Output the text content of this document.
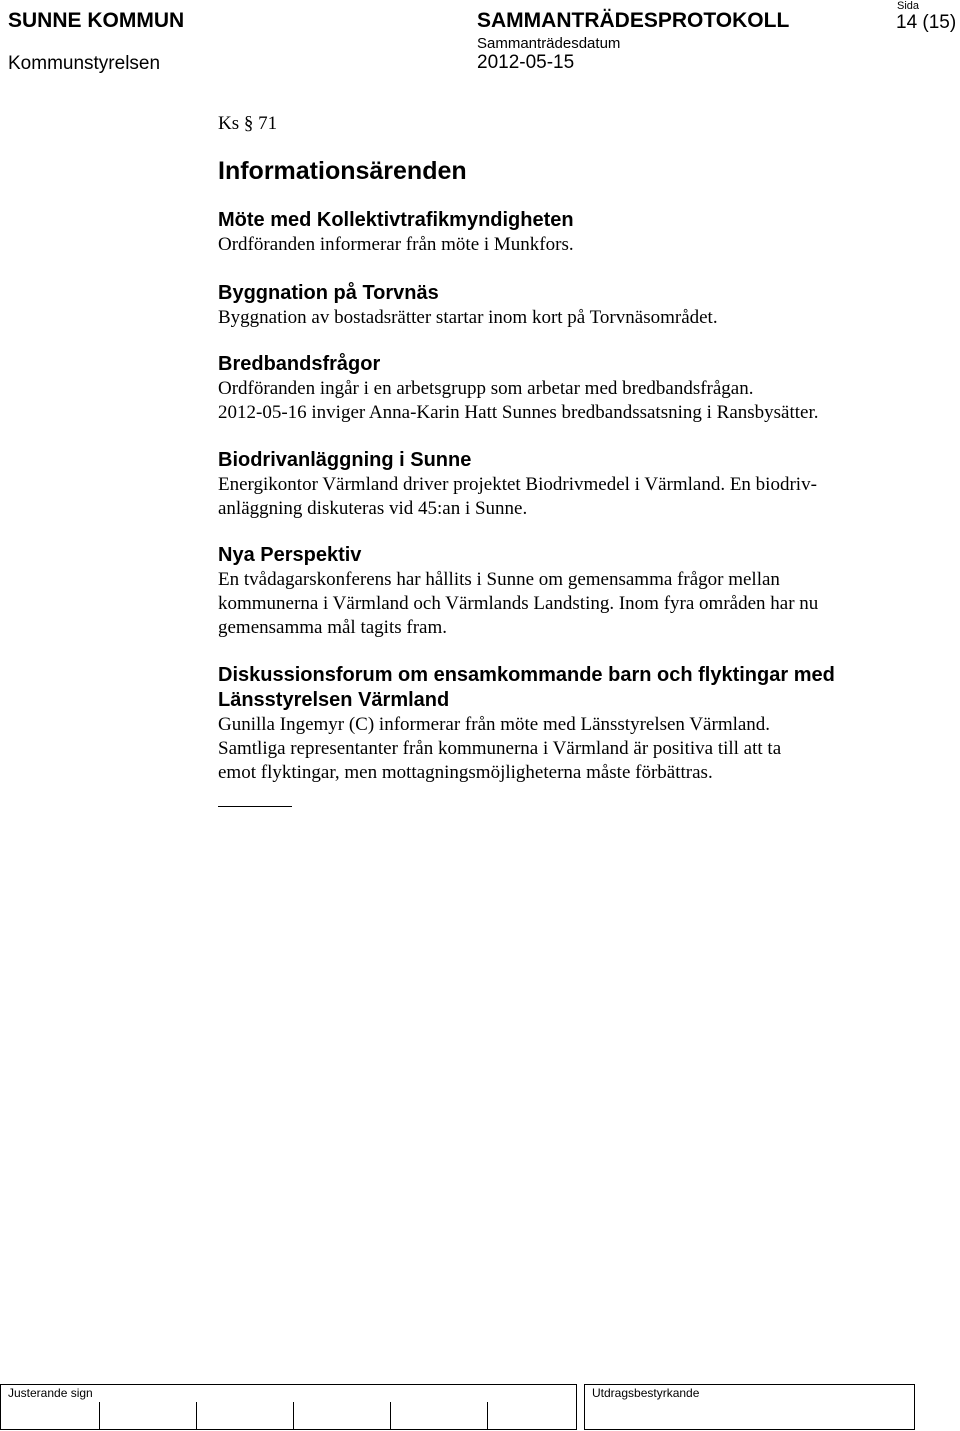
SUNNE KOMMUN
Kommunstyrelsen
SAMMANTRÄDESPROTOKOLL
Sammanträdesdatum
2012-05-15
Sida
14 (15)
Ks § 71
Informationsärenden
Möte med Kollektivtrafikmyndigheten

Ordföranden informerar från möte i Munkfors.

Byggnation på Torvnäs

Byggnation av bostadsrätter startar inom kort på Torvnäsområdet.

Bredbandsfrågor

Ordföranden ingår i en arbetsgrupp som arbetar med bredbandsfrågan.

2012-05-16 inviger Anna-Karin Hatt Sunnes bredbandssatsning i Ransbysätter.

Biodrivanläggning i Sunne

Energikontor Värmland driver projektet Biodrivmedel i Värmland. En biodriv-

anläggning diskuteras vid 45:an i Sunne.

Nya Perspektiv

En tvådagarskonferens har hållits i Sunne om gemensamma frågor mellan

kommunerna i Värmland och Värmlands Landsting. Inom fyra områden har nu

gemensamma mål tagits fram.

Diskussionsforum om ensamkommande barn och flyktingar med
Länsstyrelsen Värmland

Gunilla Ingemyr (C) informerar från möte med Länsstyrelsen Värmland.

Samtliga representanter från kommunerna i Värmland är positiva till att ta

emot flyktingar, men mottagningsmöjligheterna måste förbättras.

Justerande sign	Utdragsbestyrkande
